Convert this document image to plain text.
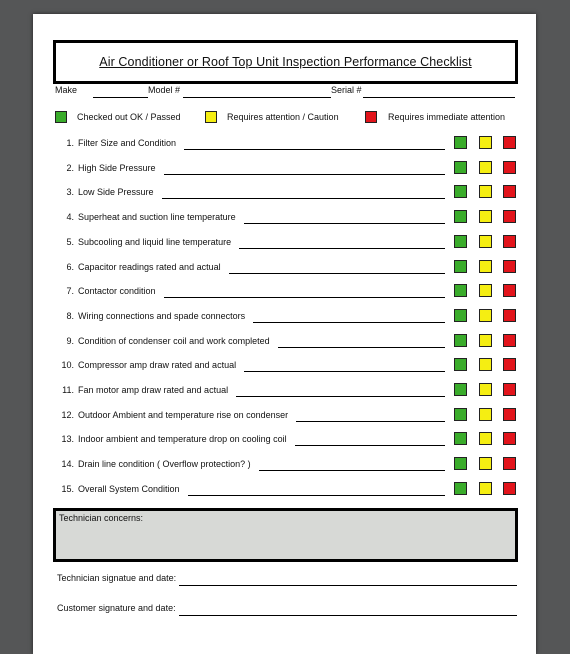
Air Conditioner or Roof Top Unit Inspection Performance Checklist
Make	Model #	Serial #
Checked out OK / Passed	Requires attention / Caution	Requires immediate attention
1. Filter Size and Condition
2. High Side Pressure
3. Low Side Pressure
4. Superheat and suction line temperature
5. Subcooling and liquid line temperature
6. Capacitor readings rated and actual
7. Contactor condition
8. Wiring connections and spade connectors
9. Condition of condenser coil and work completed
10. Compressor amp draw rated and actual
11. Fan motor amp draw rated and actual
12. Outdoor Ambient and temperature rise on condenser
13. Indoor ambient and temperature drop on cooling coil
14. Drain line condition ( Overflow protection? )
15. Overall System Condition
Technician concerns:
Technician signatue and date:
Customer signature and date:
